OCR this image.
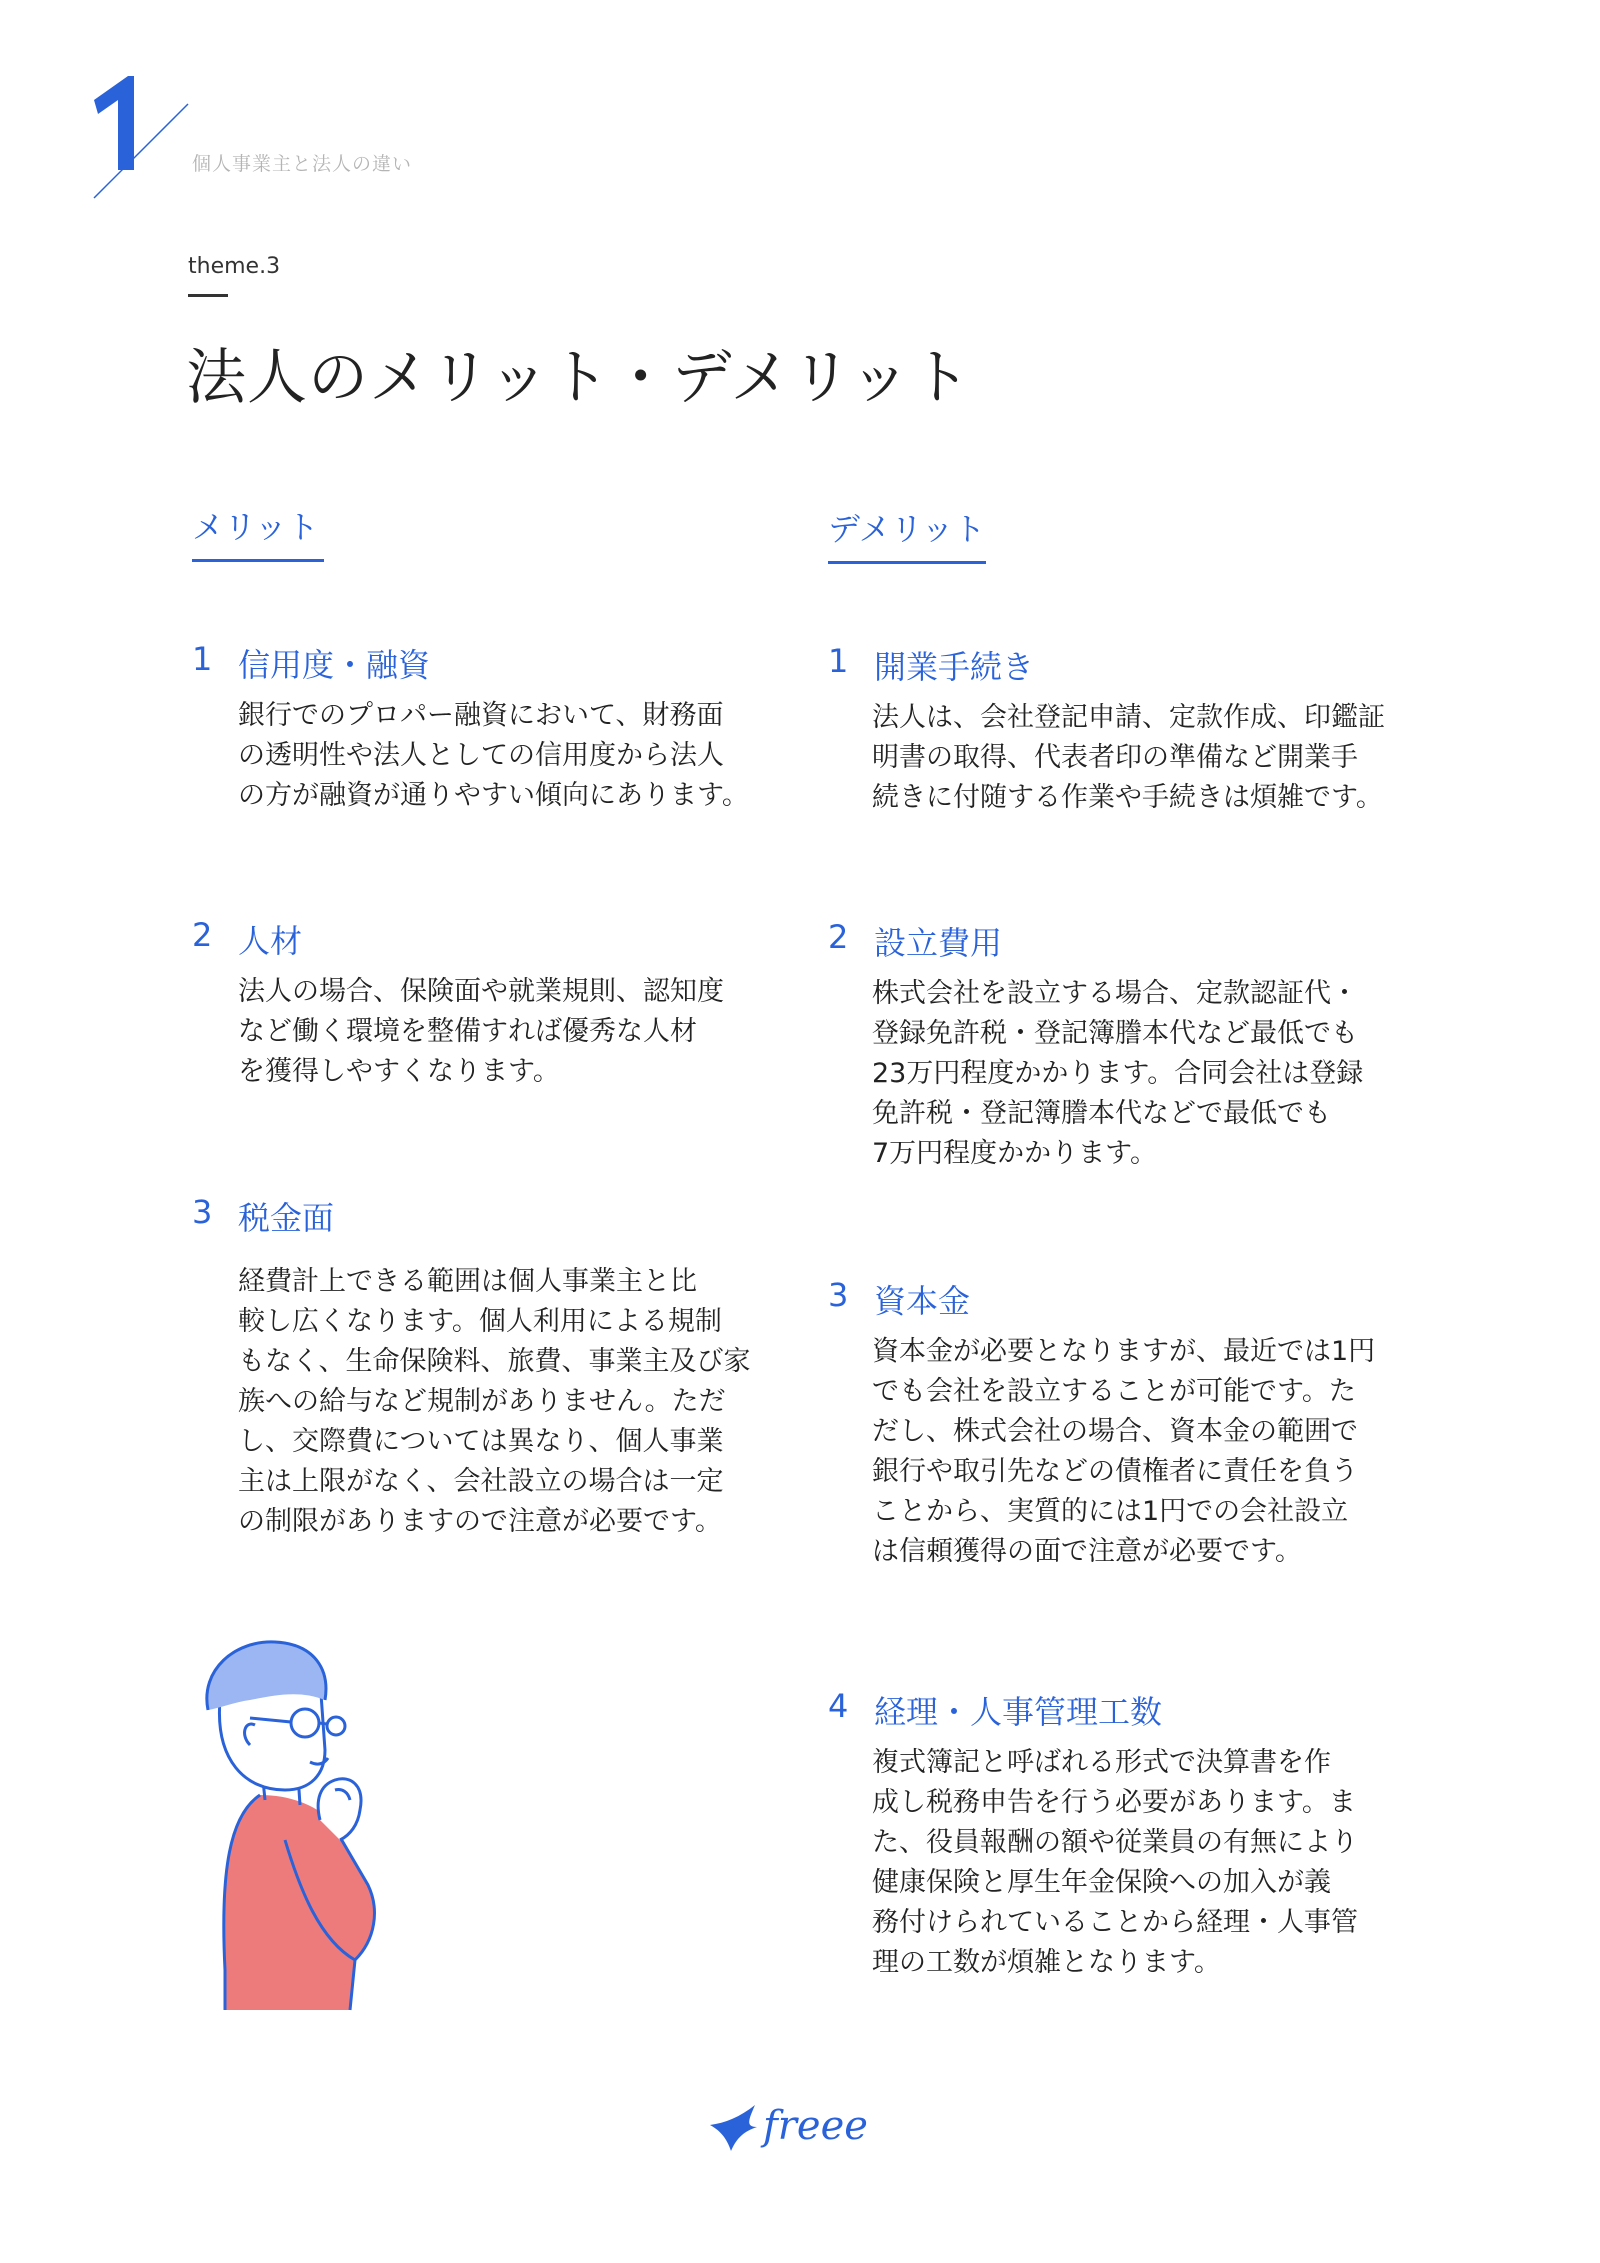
1
個人事業主と法人の違い
theme.3
法人のメリット・デメリット
メリット
1 信用度・融資
銀行でのプロパー融資において、財務面
の透明性や法人としての信用度から法人
の方が融資が通りやすい傾向にあります。
2 人材
法人の場合、保険面や就業規則、認知度
など働く環境を整備すれば優秀な人材
を獲得しやすくなります。
3 税金面
経費計上できる範囲は個人事業主と比
較し広くなります。個人利用による規制
もなく、生命保険料、旅費、事業主及び家
族への給与など規制がありません。ただ
し、交際費については異なり、個人事業
主は上限がなく、会社設立の場合は一定
の制限がありますので注意が必要です。
デメリット
1 開業手続き
法人は、会社登記申請、定款作成、印鑑証
明書の取得、代表者印の準備など開業手
続きに付随する作業や手続きは煩雑です。
2 設立費用
株式会社を設立する場合、定款認証代・
登録免許税・登記簿謄本代など最低でも
23万円程度かかります。合同会社は登録
免許税・登記簿謄本代などで最低でも
7万円程度かかります。
3 資本金
資本金が必要となりますが、最近では1円
でも会社を設立することが可能です。た
だし、株式会社の場合、資本金の範囲で
銀行や取引先などの債権者に責任を負う
ことから、実質的には1円での会社設立
は信頼獲得の面で注意が必要です。
4 経理・人事管理工数
複式簿記と呼ばれる形式で決算書を作
成し税務申告を行う必要があります。ま
た、役員報酬の額や従業員の有無により
健康保険と厚生年金保険への加入が義
務付けられていることから経理・人事管
理の工数が煩雑となります。
freee
